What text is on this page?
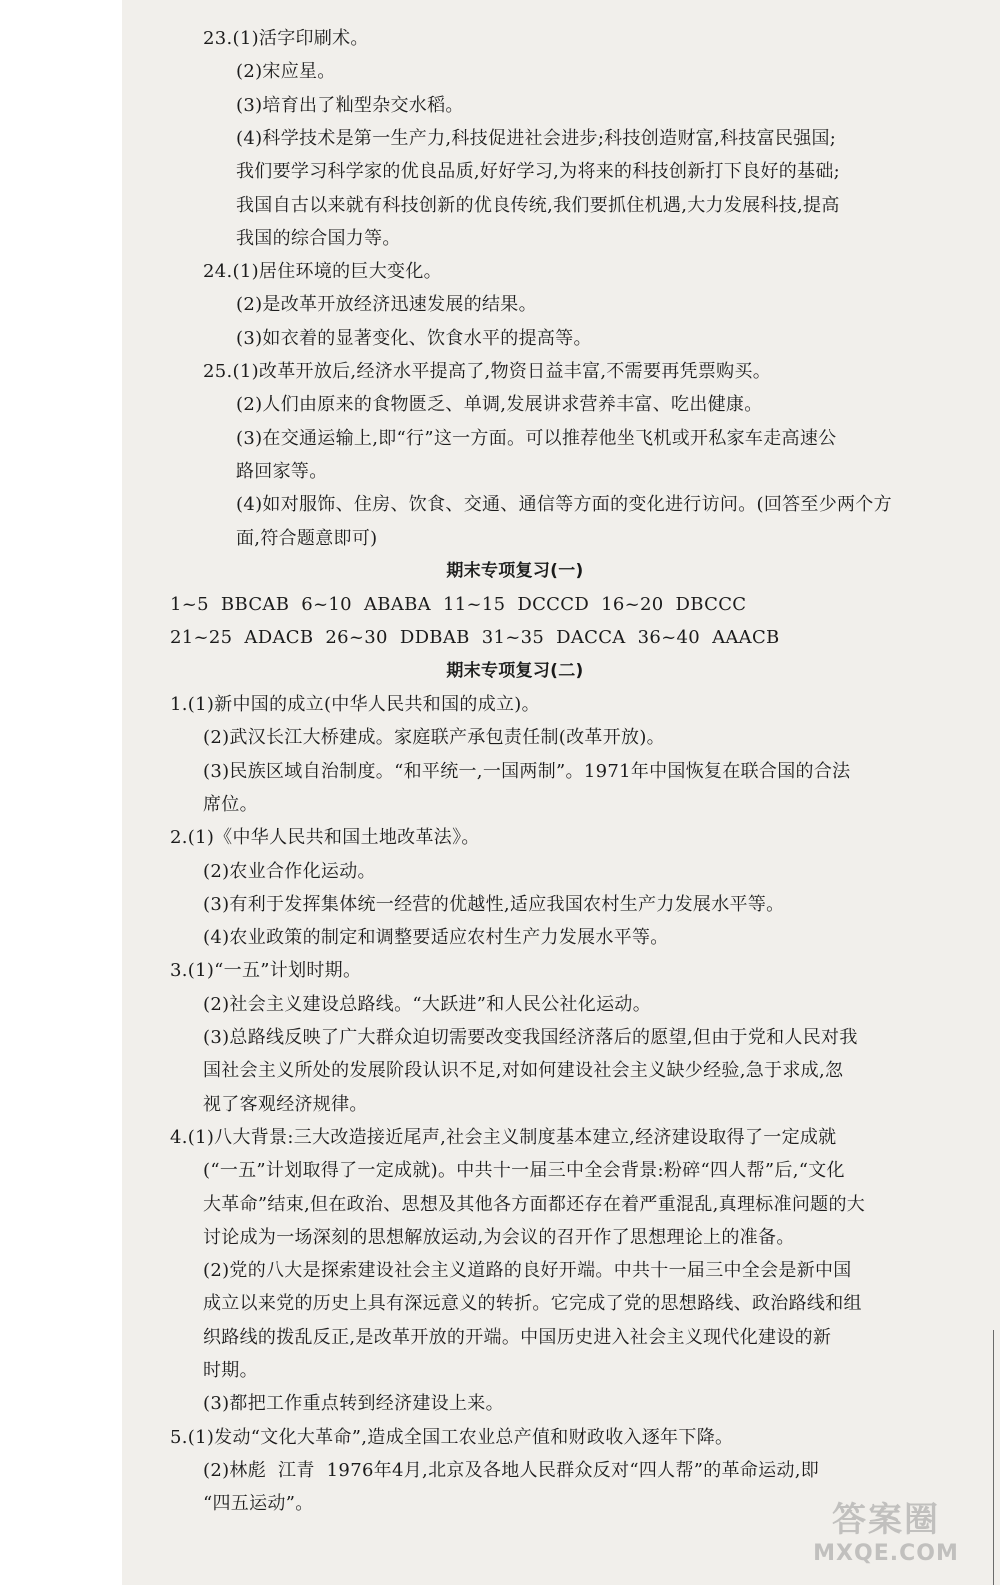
23.(1)活字印刷术。
(2)宋应星。
(3)培育出了籼型杂交水稻。
(4)科学技术是第一生产力,科技促进社会进步;科技创造财富,科技富民强国;
我们要学习科学家的优良品质,好好学习,为将来的科技创新打下良好的基础;
我国自古以来就有科技创新的优良传统,我们要抓住机遇,大力发展科技,提高
我国的综合国力等。
24.(1)居住环境的巨大变化。
(2)是改革开放经济迅速发展的结果。
(3)如衣着的显著变化、饮食水平的提高等。
25.(1)改革开放后,经济水平提高了,物资日益丰富,不需要再凭票购买。
(2)人们由原来的食物匮乏、单调,发展讲求营养丰富、吃出健康。
(3)在交通运输上,即“行”这一方面。可以推荐他坐飞机或开私家车走高速公
路回家等。
(4)如对服饰、住房、饮食、交通、通信等方面的变化进行访问。(回答至少两个方
面,符合题意即可)
期末专项复习(一)
1~5  BBCAB  6~10  ABABA  11~15  DCCCD  16~20  DBCCC
21~25  ADACB  26~30  DDBAB  31~35  DACCA  36~40  AAACB
期末专项复习(二)
1.(1)新中国的成立(中华人民共和国的成立)。
(2)武汉长江大桥建成。家庭联产承包责任制(改革开放)。
(3)民族区域自治制度。“和平统一,一国两制”。1971年中国恢复在联合国的合法
席位。
2.(1)《中华人民共和国土地改革法》。
(2)农业合作化运动。
(3)有利于发挥集体统一经营的优越性,适应我国农村生产力发展水平等。
(4)农业政策的制定和调整要适应农村生产力发展水平等。
3.(1)“一五”计划时期。
(2)社会主义建设总路线。“大跃进”和人民公社化运动。
(3)总路线反映了广大群众迫切需要改变我国经济落后的愿望,但由于党和人民对我
国社会主义所处的发展阶段认识不足,对如何建设社会主义缺少经验,急于求成,忽
视了客观经济规律。
4.(1)八大背景:三大改造接近尾声,社会主义制度基本建立,经济建设取得了一定成就
(“一五”计划取得了一定成就)。中共十一届三中全会背景:粉碎“四人帮”后,“文化
大革命”结束,但在政治、思想及其他各方面都还存在着严重混乱,真理标准问题的大
讨论成为一场深刻的思想解放运动,为会议的召开作了思想理论上的准备。
(2)党的八大是探索建设社会主义道路的良好开端。中共十一届三中全会是新中国
成立以来党的历史上具有深远意义的转折。它完成了党的思想路线、政治路线和组
织路线的拨乱反正,是改革开放的开端。中国历史进入社会主义现代化建设的新
时期。
(3)都把工作重点转到经济建设上来。
5.(1)发动“文化大革命”,造成全国工农业总产值和财政收入逐年下降。
(2)林彪  江青  1976年4月,北京及各地人民群众反对“四人帮”的革命运动,即
“四五运动”。	答案圈
MXQE.COM
